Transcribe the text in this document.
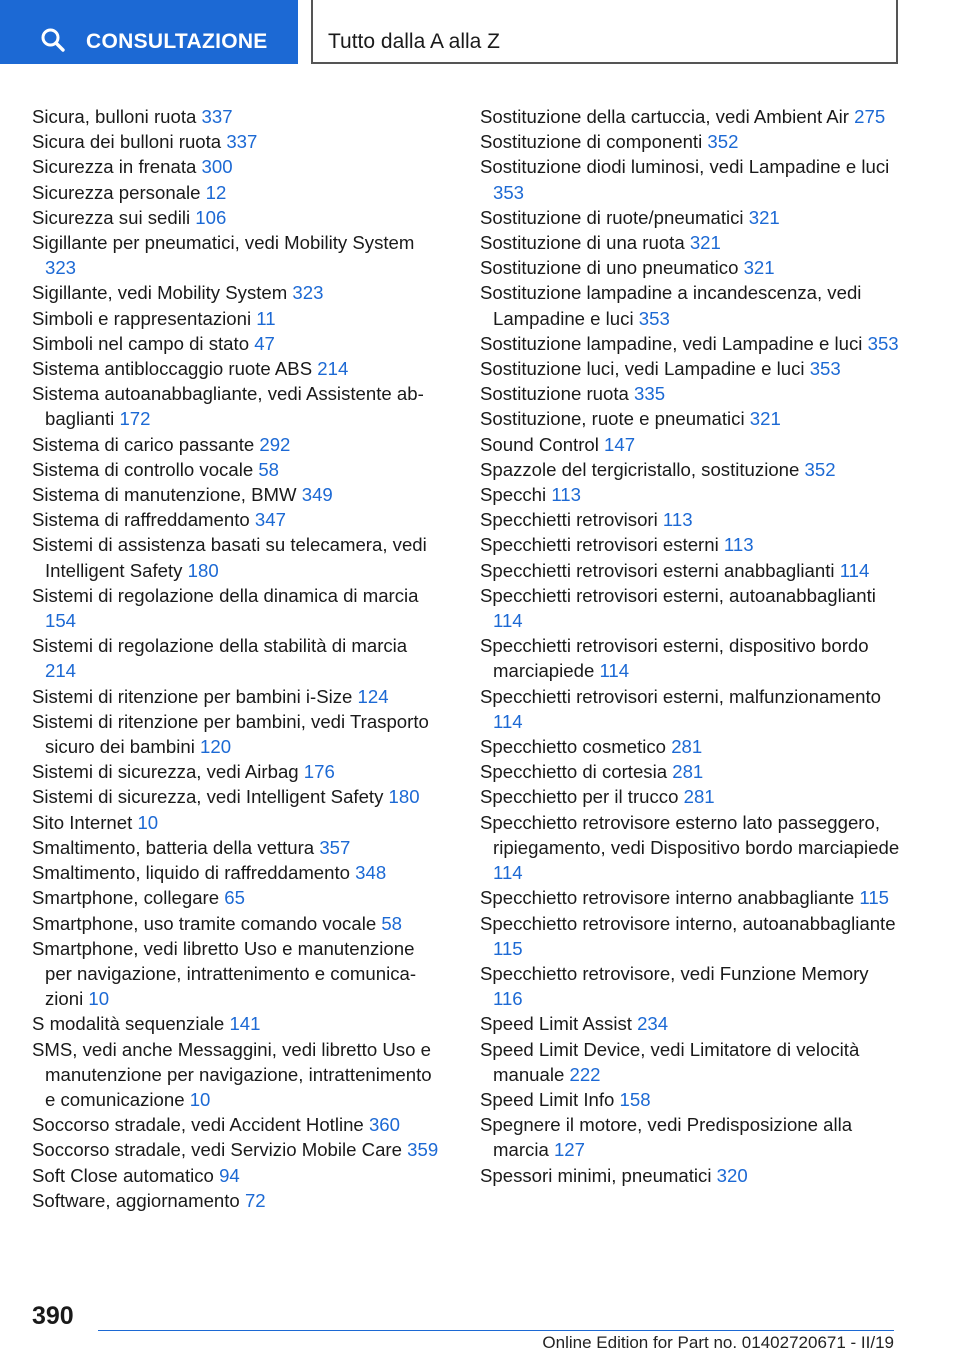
CONSULTAZIONE	Tutto dalla A alla Z
Sicura, bulloni ruota 337
Sicura dei bulloni ruota 337
Sicurezza in frenata 300
Sicurezza personale 12
Sicurezza sui sedili 106
Sigillante per pneumatici, vedi Mobility System 323
Sigillante, vedi Mobility System 323
Simboli e rappresentazioni 11
Simboli nel campo di stato 47
Sistema antibloccaggio ruote ABS 214
Sistema autoanabbagliante, vedi Assistente abbaglianti 172
Sistema di carico passante 292
Sistema di controllo vocale 58
Sistema di manutenzione, BMW 349
Sistema di raffreddamento 347
Sistemi di assistenza basati su telecamera, vedi Intelligent Safety 180
Sistemi di regolazione della dinamica di marcia 154
Sistemi di regolazione della stabilità di marcia 214
Sistemi di ritenzione per bambini i-Size 124
Sistemi di ritenzione per bambini, vedi Trasporto sicuro dei bambini 120
Sistemi di sicurezza, vedi Airbag 176
Sistemi di sicurezza, vedi Intelligent Safety 180
Sito Internet 10
Smaltimento, batteria della vettura 357
Smaltimento, liquido di raffreddamento 348
Smartphone, collegare 65
Smartphone, uso tramite comando vocale 58
Smartphone, vedi libretto Uso e manutenzione per navigazione, intrattenimento e comunicazioni 10
S modalità sequenziale 141
SMS, vedi anche Messaggini, vedi libretto Uso e manutenzione per navigazione, intrattenimento e comunicazione 10
Soccorso stradale, vedi Accident Hotline 360
Soccorso stradale, vedi Servizio Mobile Care 359
Soft Close automatico 94
Software, aggiornamento 72
Sostituzione della cartuccia, vedi Ambient Air 275
Sostituzione di componenti 352
Sostituzione diodi luminosi, vedi Lampadine e luci 353
Sostituzione di ruote/pneumatici 321
Sostituzione di una ruota 321
Sostituzione di uno pneumatico 321
Sostituzione lampadine a incandescenza, vedi Lampadine e luci 353
Sostituzione lampadine, vedi Lampadine e luci 353
Sostituzione luci, vedi Lampadine e luci 353
Sostituzione ruota 335
Sostituzione, ruote e pneumatici 321
Sound Control 147
Spazzole del tergicristallo, sostituzione 352
Specchi 113
Specchietti retrovisori 113
Specchietti retrovisori esterni 113
Specchietti retrovisori esterni anabbaglianti 114
Specchietti retrovisori esterni, autoanabbaglianti 114
Specchietti retrovisori esterni, dispositivo bordo marciapiede 114
Specchietti retrovisori esterni, malfunzionamento 114
Specchietto cosmetico 281
Specchietto di cortesia 281
Specchietto per il trucco 281
Specchietto retrovisore esterno lato passeggero, ripiegamento, vedi Dispositivo bordo marciapiede 114
Specchietto retrovisore interno anabbagliante 115
Specchietto retrovisore interno, autoanabbagliante 115
Specchietto retrovisore, vedi Funzione Memory 116
Speed Limit Assist 234
Speed Limit Device, vedi Limitatore di velocità manuale 222
Speed Limit Info 158
Spegnere il motore, vedi Predisposizione alla marcia 127
Spessori minimi, pneumatici 320
390
Online Edition for Part no. 01402720671 - II/19
